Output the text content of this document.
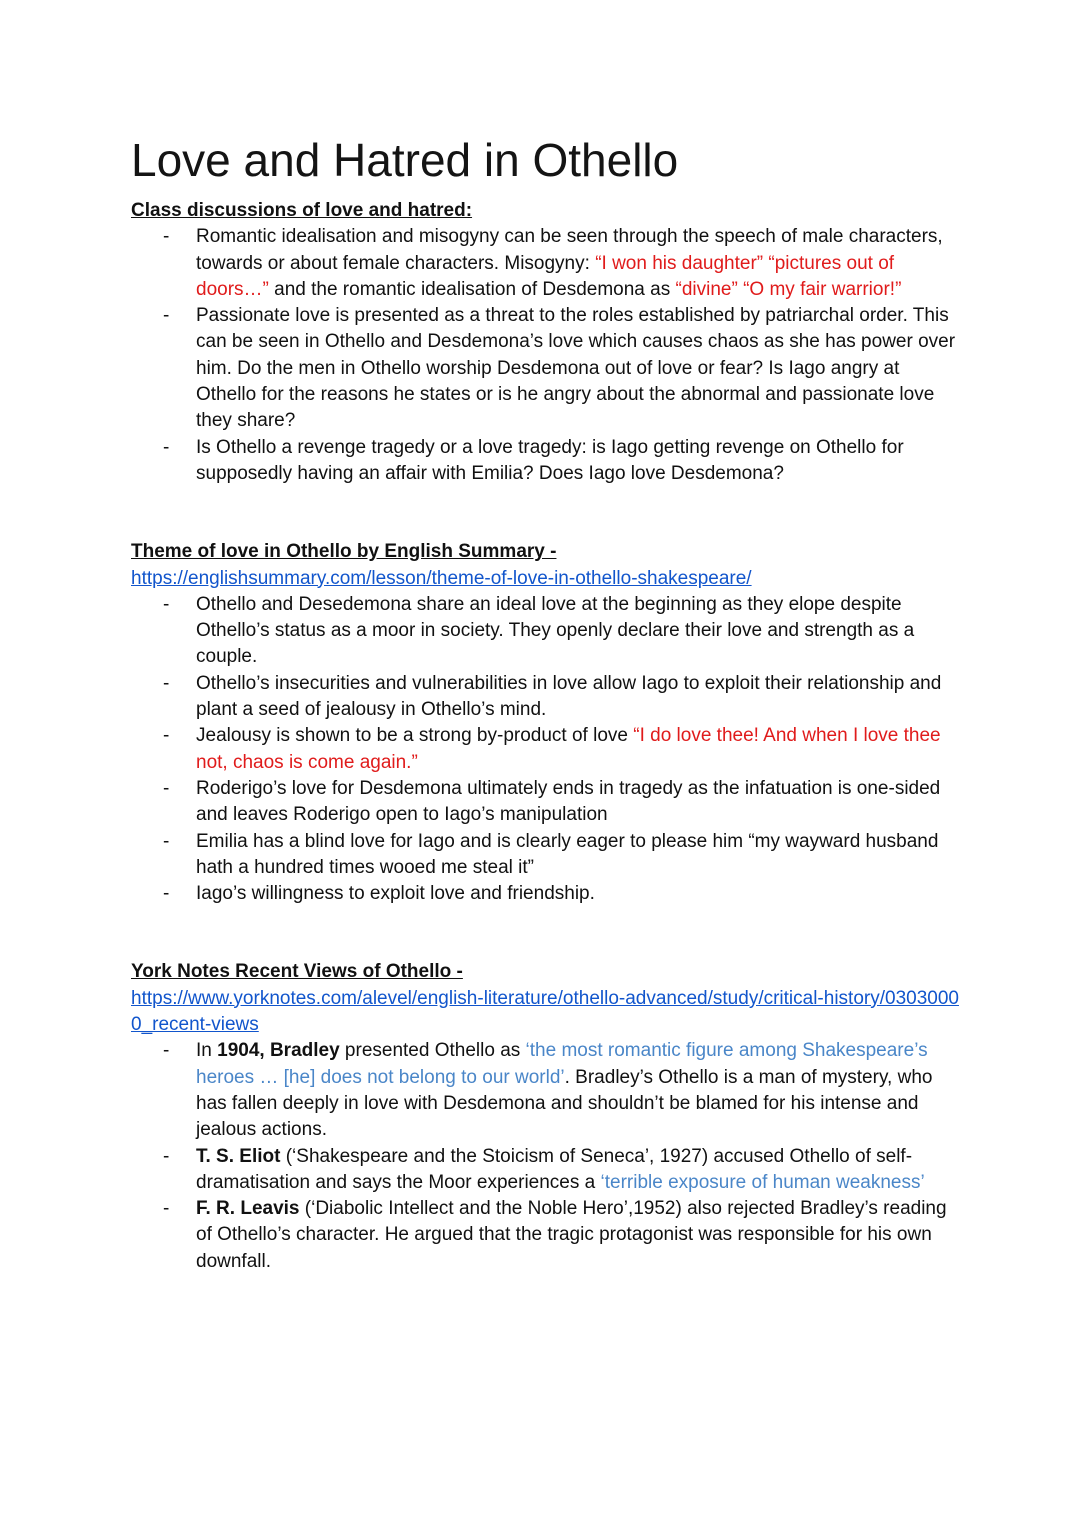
Love and Hatred in Othello
Class discussions of love and hatred:
- Romantic idealisation and misogyny can be seen through the speech of male characters, towards or about female characters. Misogyny: “I won his daughter” “pictures out of doors…” and the romantic idealisation of Desdemona as “divine” “O my fair warrior!”
- Passionate love is presented as a threat to the roles established by patriarchal order. This can be seen in Othello and Desdemona’s love which causes chaos as she has power over him. Do the men in Othello worship Desdemona out of love or fear? Is Iago angry at Othello for the reasons he states or is he angry about the abnormal and passionate love they share?
- Is Othello a revenge tragedy or a love tragedy: is Iago getting revenge on Othello for supposedly having an affair with Emilia? Does Iago love Desdemona?
Theme of love in Othello by English Summary -
https://englishsummary.com/lesson/theme-of-love-in-othello-shakespeare/
- Othello and Desedemona share an ideal love at the beginning as they elope despite Othello’s status as a moor in society. They openly declare their love and strength as a couple.
- Othello’s insecurities and vulnerabilities in love allow Iago to exploit their relationship and plant a seed of jealousy in Othello’s mind.
- Jealousy is shown to be a strong by-product of love “I do love thee! And when I love thee not, chaos is come again.”
- Roderigo’s love for Desdemona ultimately ends in tragedy as the infatuation is one-sided and leaves Roderigo open to Iago’s manipulation
- Emilia has a blind love for Iago and is clearly eager to please him “my wayward husband hath a hundred times wooed me steal it”
- Iago’s willingness to exploit love and friendship.
York Notes Recent Views of Othello -
https://www.yorknotes.com/alevel/english-literature/othello-advanced/study/critical-history/03030000_recent-views
- In 1904, Bradley presented Othello as ‘the most romantic figure among Shakespeare’s heroes … [he] does not belong to our world’. Bradley’s Othello is a man of mystery, who has fallen deeply in love with Desdemona and shouldn’t be blamed for his intense and jealous actions.
- T. S. Eliot (‘Shakespeare and the Stoicism of Seneca’, 1927) accused Othello of self-dramatisation and says the Moor experiences a ‘terrible exposure of human weakness’
- F. R. Leavis (‘Diabolic Intellect and the Noble Hero’,1952) also rejected Bradley’s reading of Othello’s character. He argued that the tragic protagonist was responsible for his own downfall.
